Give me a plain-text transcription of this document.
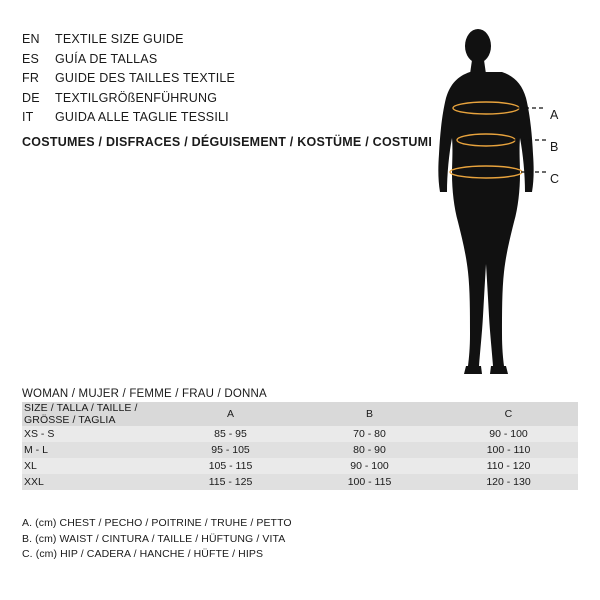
EN	TEXTILE SIZE GUIDE
ES	GUÍA DE TALLAS
FR	GUIDE DES TAILLES TEXTILE
DE	TEXTILGRÖßENFÜHRUNG
IT	GUIDA ALLE TAGLIE TESSILI
COSTUMES / DISFRACES / DÉGUISEMENT / KOSTÜME / COSTUMI
A
B
C
WOMAN / MUJER / FEMME / FRAU / DONNA			
SIZE / TALLA / TAILLE / GRÖSSE / TAGLIA	A	B	C
XS - S	85 - 95	70 - 80	90 - 100
M - L	95 - 105	80 - 90	100 - 110
XL	105 - 115	90 - 100	110 - 120
XXL	115 - 125	100 - 115	120 - 130
A. (cm) CHEST / PECHO / POITRINE / TRUHE / PETTO
B. (cm) WAIST / CINTURA / TAILLE / HÜFTUNG / VITA
C. (cm) HIP / CADERA / HANCHE / HÜFTE / HIPS
